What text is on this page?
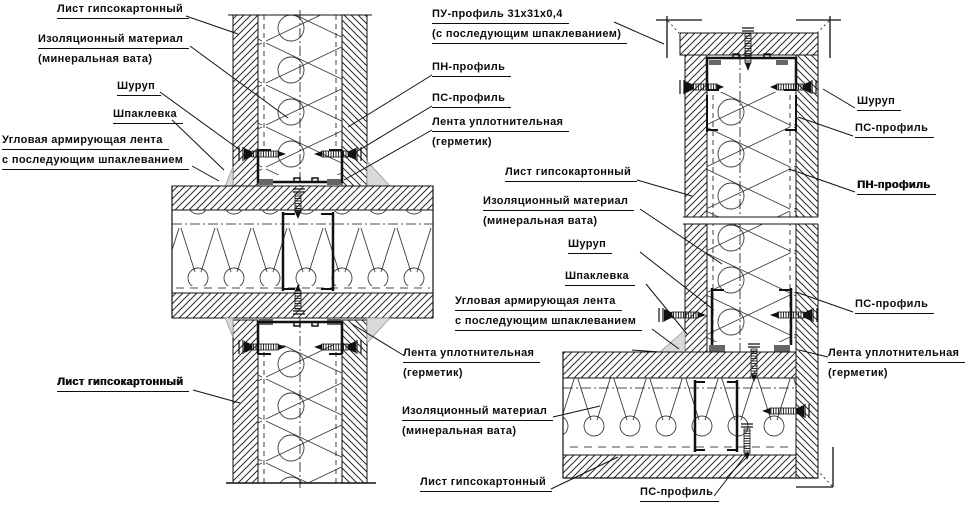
Лист гипсокартонный
Изоляционный материал
(минеральная вата)
Шуруп
Шпаклевка
Угловая армирующая лента
с последующим шпаклеванием
Лист гипсокартонный
ПУ-профиль 31x31x0,4
(с последующим шпаклеванием)
ПН-профиль
ПС-профиль
Лента уплотнительная
(герметик)
Лист гипсокартонный
Изоляционный материал
(минеральная вата)
Шуруп
Шпаклевка
Угловая армирующая лента
с последующим шпаклеванием
Лента уплотнительная
(герметик)
Изоляционный материал
(минеральная вата)
Лист гипсокартонный
ПС-профиль
Шуруп
ПС-профиль
ПН-профиль
ПС-профиль
Лента уплотнительная
(герметик)
